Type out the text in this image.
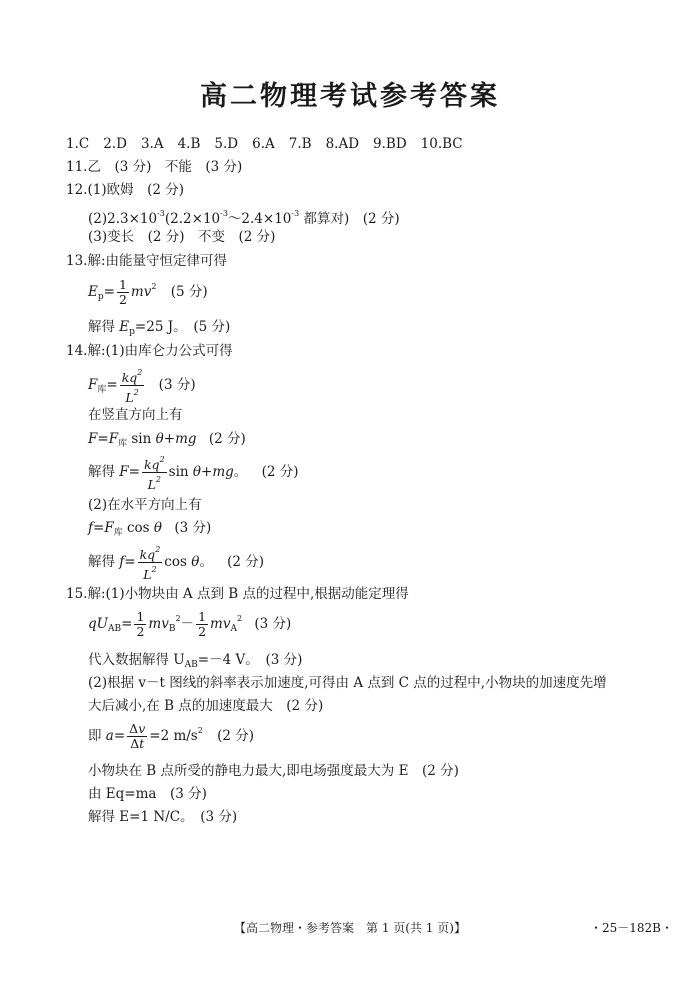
高二物理考试参考答案
1.C 2.D 3.A 4.B 5.D 6.A 7.B 8.AD 9.BD 10.BC
11.乙　(3 分)　不能　(3 分)
12.(1)欧姆　(2 分)
$(2)2.3\times 10^{-3}(2.2\times 10^{-3}\sim 2.4\times 10^{-3}$ 都算对)　(2 分)
(3)变长　(2 分)　不变　(2 分)
13.解:由能量守恒定律可得
$E_p= \frac{1}{2} mv^2$ (5 分)
解得 $E_p=25$ J。　(5 分)
14.解:(1)由库仑力公式可得
$F_库= \frac{kq^2}{L^2} (3$ 分)
在竖直方向上有
$F=F_库$ sin θ+mg (2 分)
解得 $F= \frac{kq^2}{L^2}$ sin θ+mg。 (2 分)
(2)在水平方向上有
$f=F_库$ cos θ (3 分)
解得 $f= \frac{kq^2}{L^2}$ cos θ。 (2 分)
15.解:(1)小物块由 A 点到 B 点的过程中,根据动能定理得
$qU_{AB}= \frac{1}{2} mv_B^2- \frac{1}{2} mv_A^2$ (3 分)
代入数据解得 $U_{AB}=-4$ V。　(3 分)
(2)根据 v－t 图线的斜率表示加速度,可得由 A 点到 C 点的过程中,小物块的加速度先增
大后减小,在 B 点的加速度最大　(2 分)
即 $a= \frac{\Delta v}{\Delta t} =2$ $m/s^2$ (2 分)
小物块在 B 点所受的静电力最大,即电场强度最大为 E　(2 分)
由 Eq=ma　(3 分)
解得 E=1 N/C。　(3 分)
【高二物理・参考答案　第 1 页(共 1 页)】	・25－182B・
